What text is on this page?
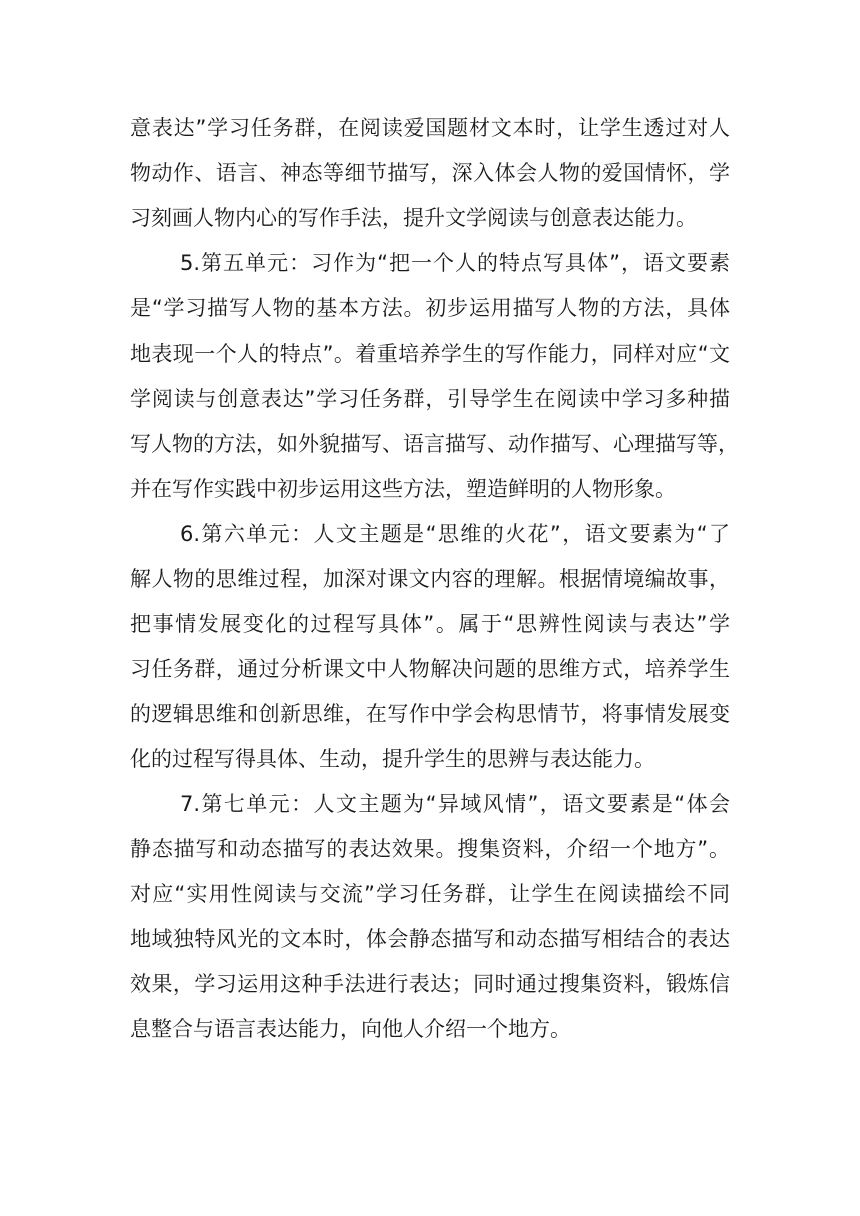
意表达”学习任务群，在阅读爱国题材文本时，让学生透过对人
物动作、语言、神态等细节描写，深入体会人物的爱国情怀，学
习刻画人物内心的写作手法，提升文学阅读与创意表达能力。
5.第五单元：习作为“把一个人的特点写具体”，语文要素
是“学习描写人物的基本方法。初步运用描写人物的方法，具体
地表现一个人的特点”。着重培养学生的写作能力，同样对应“文
学阅读与创意表达”学习任务群，引导学生在阅读中学习多种描
写人物的方法，如外貌描写、语言描写、动作描写、心理描写等，
并在写作实践中初步运用这些方法，塑造鲜明的人物形象。
6.第六单元：人文主题是“思维的火花”，语文要素为“了
解人物的思维过程，加深对课文内容的理解。根据情境编故事，
把事情发展变化的过程写具体”。属于“思辨性阅读与表达”学
习任务群，通过分析课文中人物解决问题的思维方式，培养学生
的逻辑思维和创新思维，在写作中学会构思情节，将事情发展变
化的过程写得具体、生动，提升学生的思辨与表达能力。
7.第七单元：人文主题为“异域风情”，语文要素是“体会
静态描写和动态描写的表达效果。搜集资料，介绍一个地方”。
对应“实用性阅读与交流”学习任务群，让学生在阅读描绘不同
地域独特风光的文本时，体会静态描写和动态描写相结合的表达
效果，学习运用这种手法进行表达；同时通过搜集资料，锻炼信
息整合与语言表达能力，向他人介绍一个地方。
